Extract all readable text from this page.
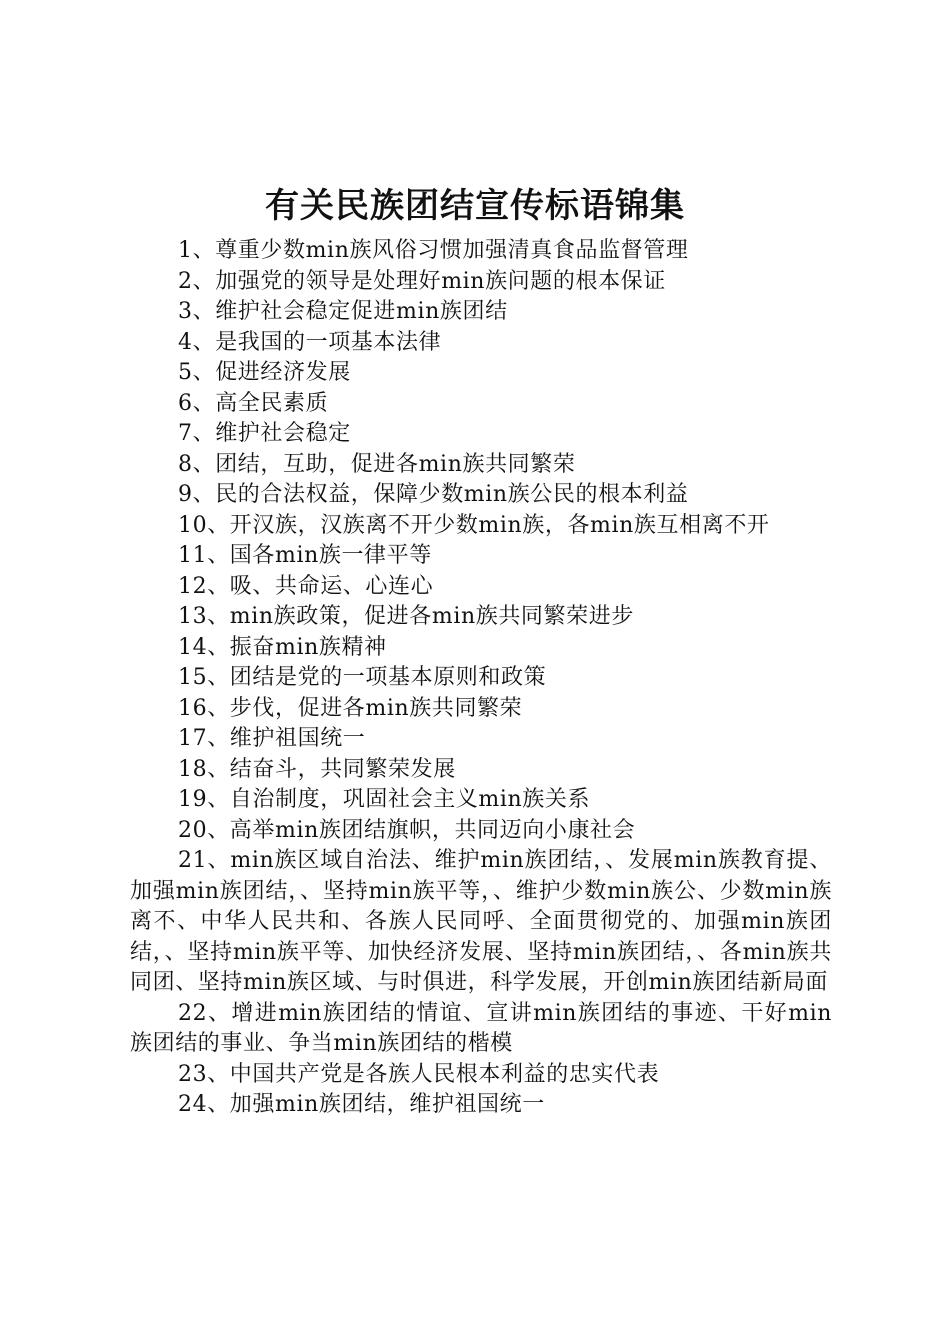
有关民族团结宣传标语锦集

1、尊重少数min族风俗习惯加强清真食品监督管理

2、加强党的领导是处理好min族问题的根本保证

3、维护社会稳定促进min族团结

4、是我国的一项基本法律

5、促进经济发展

6、高全民素质

7、维护社会稳定

8、团结，互助，促进各min族共同繁荣

9、民的合法权益，保障少数min族公民的根本利益

10、开汉族，汉族离不开少数min族，各min族互相离不开

11、国各min族一律平等

12、吸、共命运、心连心

13、min族政策，促进各min族共同繁荣进步

14、振奋min族精神

15、团结是党的一项基本原则和政策

16、步伐，促进各min族共同繁荣

17、维护祖国统一

18、结奋斗，共同繁荣发展

19、自治制度，巩固社会主义min族关系

20、高举min族团结旗帜，共同迈向小康社会

21、min族区域自治法、维护min族团结，、发展min族教育提、加强min族团结，、坚持min族平等，、维护少数min族公、少数min族离不、中华人民共和、各族人民同呼、全面贯彻党的、加强min族团结，、坚持min族平等、加快经济发展、坚持min族团结，、各min族共同团、坚持min族区域、与时俱进，科学发展，开创min族团结新局面

22、增进min族团结的情谊、宣讲min族团结的事迹、干好min族团结的事业、争当min族团结的楷模

23、中国共产党是各族人民根本利益的忠实代表

24、加强min族团结，维护祖国统一
